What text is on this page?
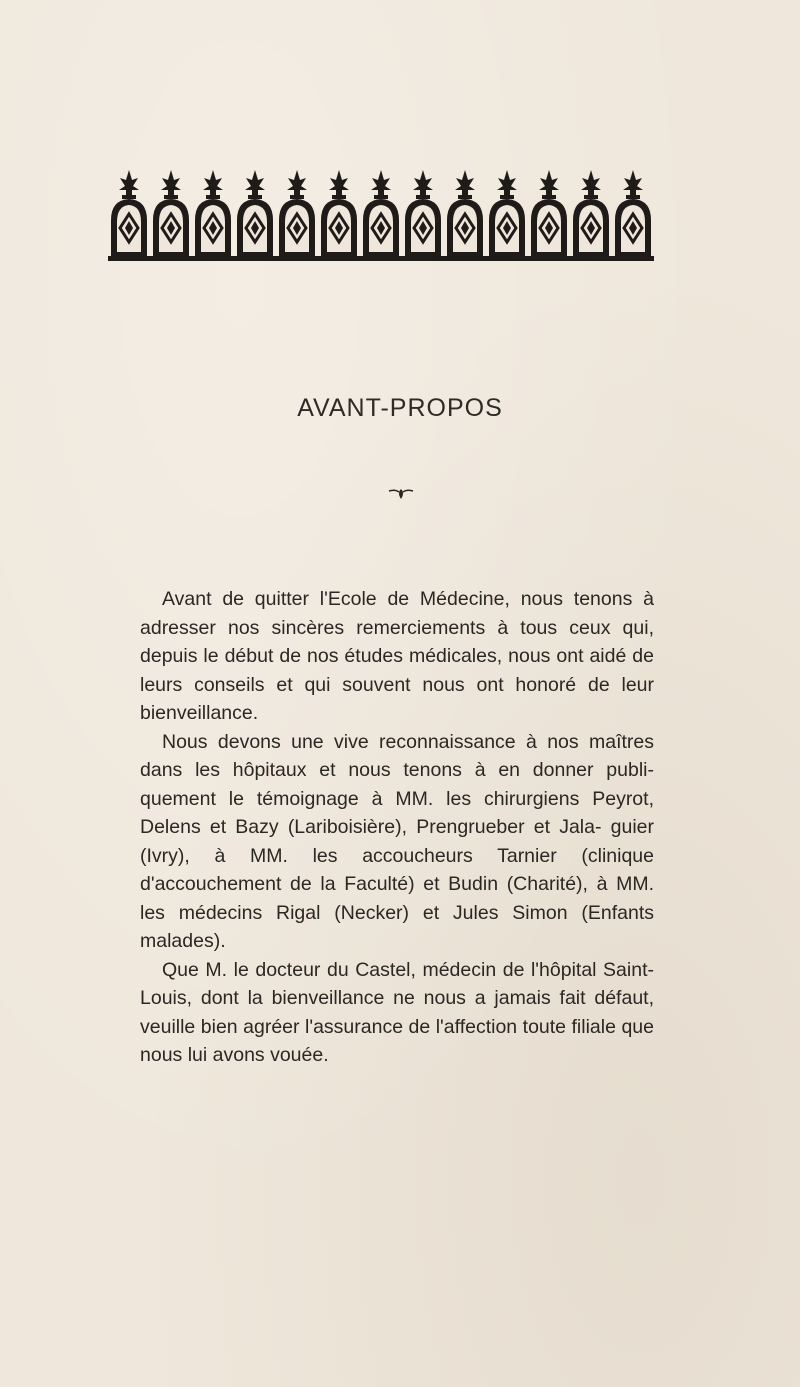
AVANT-PROPOS

Avant de quitter l'Ecole de Médecine, nous tenons à adresser nos sincères remerciements à tous ceux qui, depuis le début de nos études médicales, nous ont aidé de leurs conseils et qui souvent nous ont honoré de leur bienveillance.

Nous devons une vive reconnaissance à nos maîtres dans les hôpitaux et nous tenons à en donner publi- quement le témoignage à MM. les chirurgiens Peyrot, Delens et Bazy (Lariboisière), Prengrueber et Jala- guier (Ivry), à MM. les accoucheurs Tarnier (clinique d'accouchement de la Faculté) et Budin (Charité), à MM. les médecins Rigal (Necker) et Jules Simon (Enfants malades).

Que M. le docteur du Castel, médecin de l'hôpital Saint-Louis, dont la bienveillance ne nous a jamais fait défaut, veuille bien agréer l'assurance de l'affection toute filiale que nous lui avons vouée.
